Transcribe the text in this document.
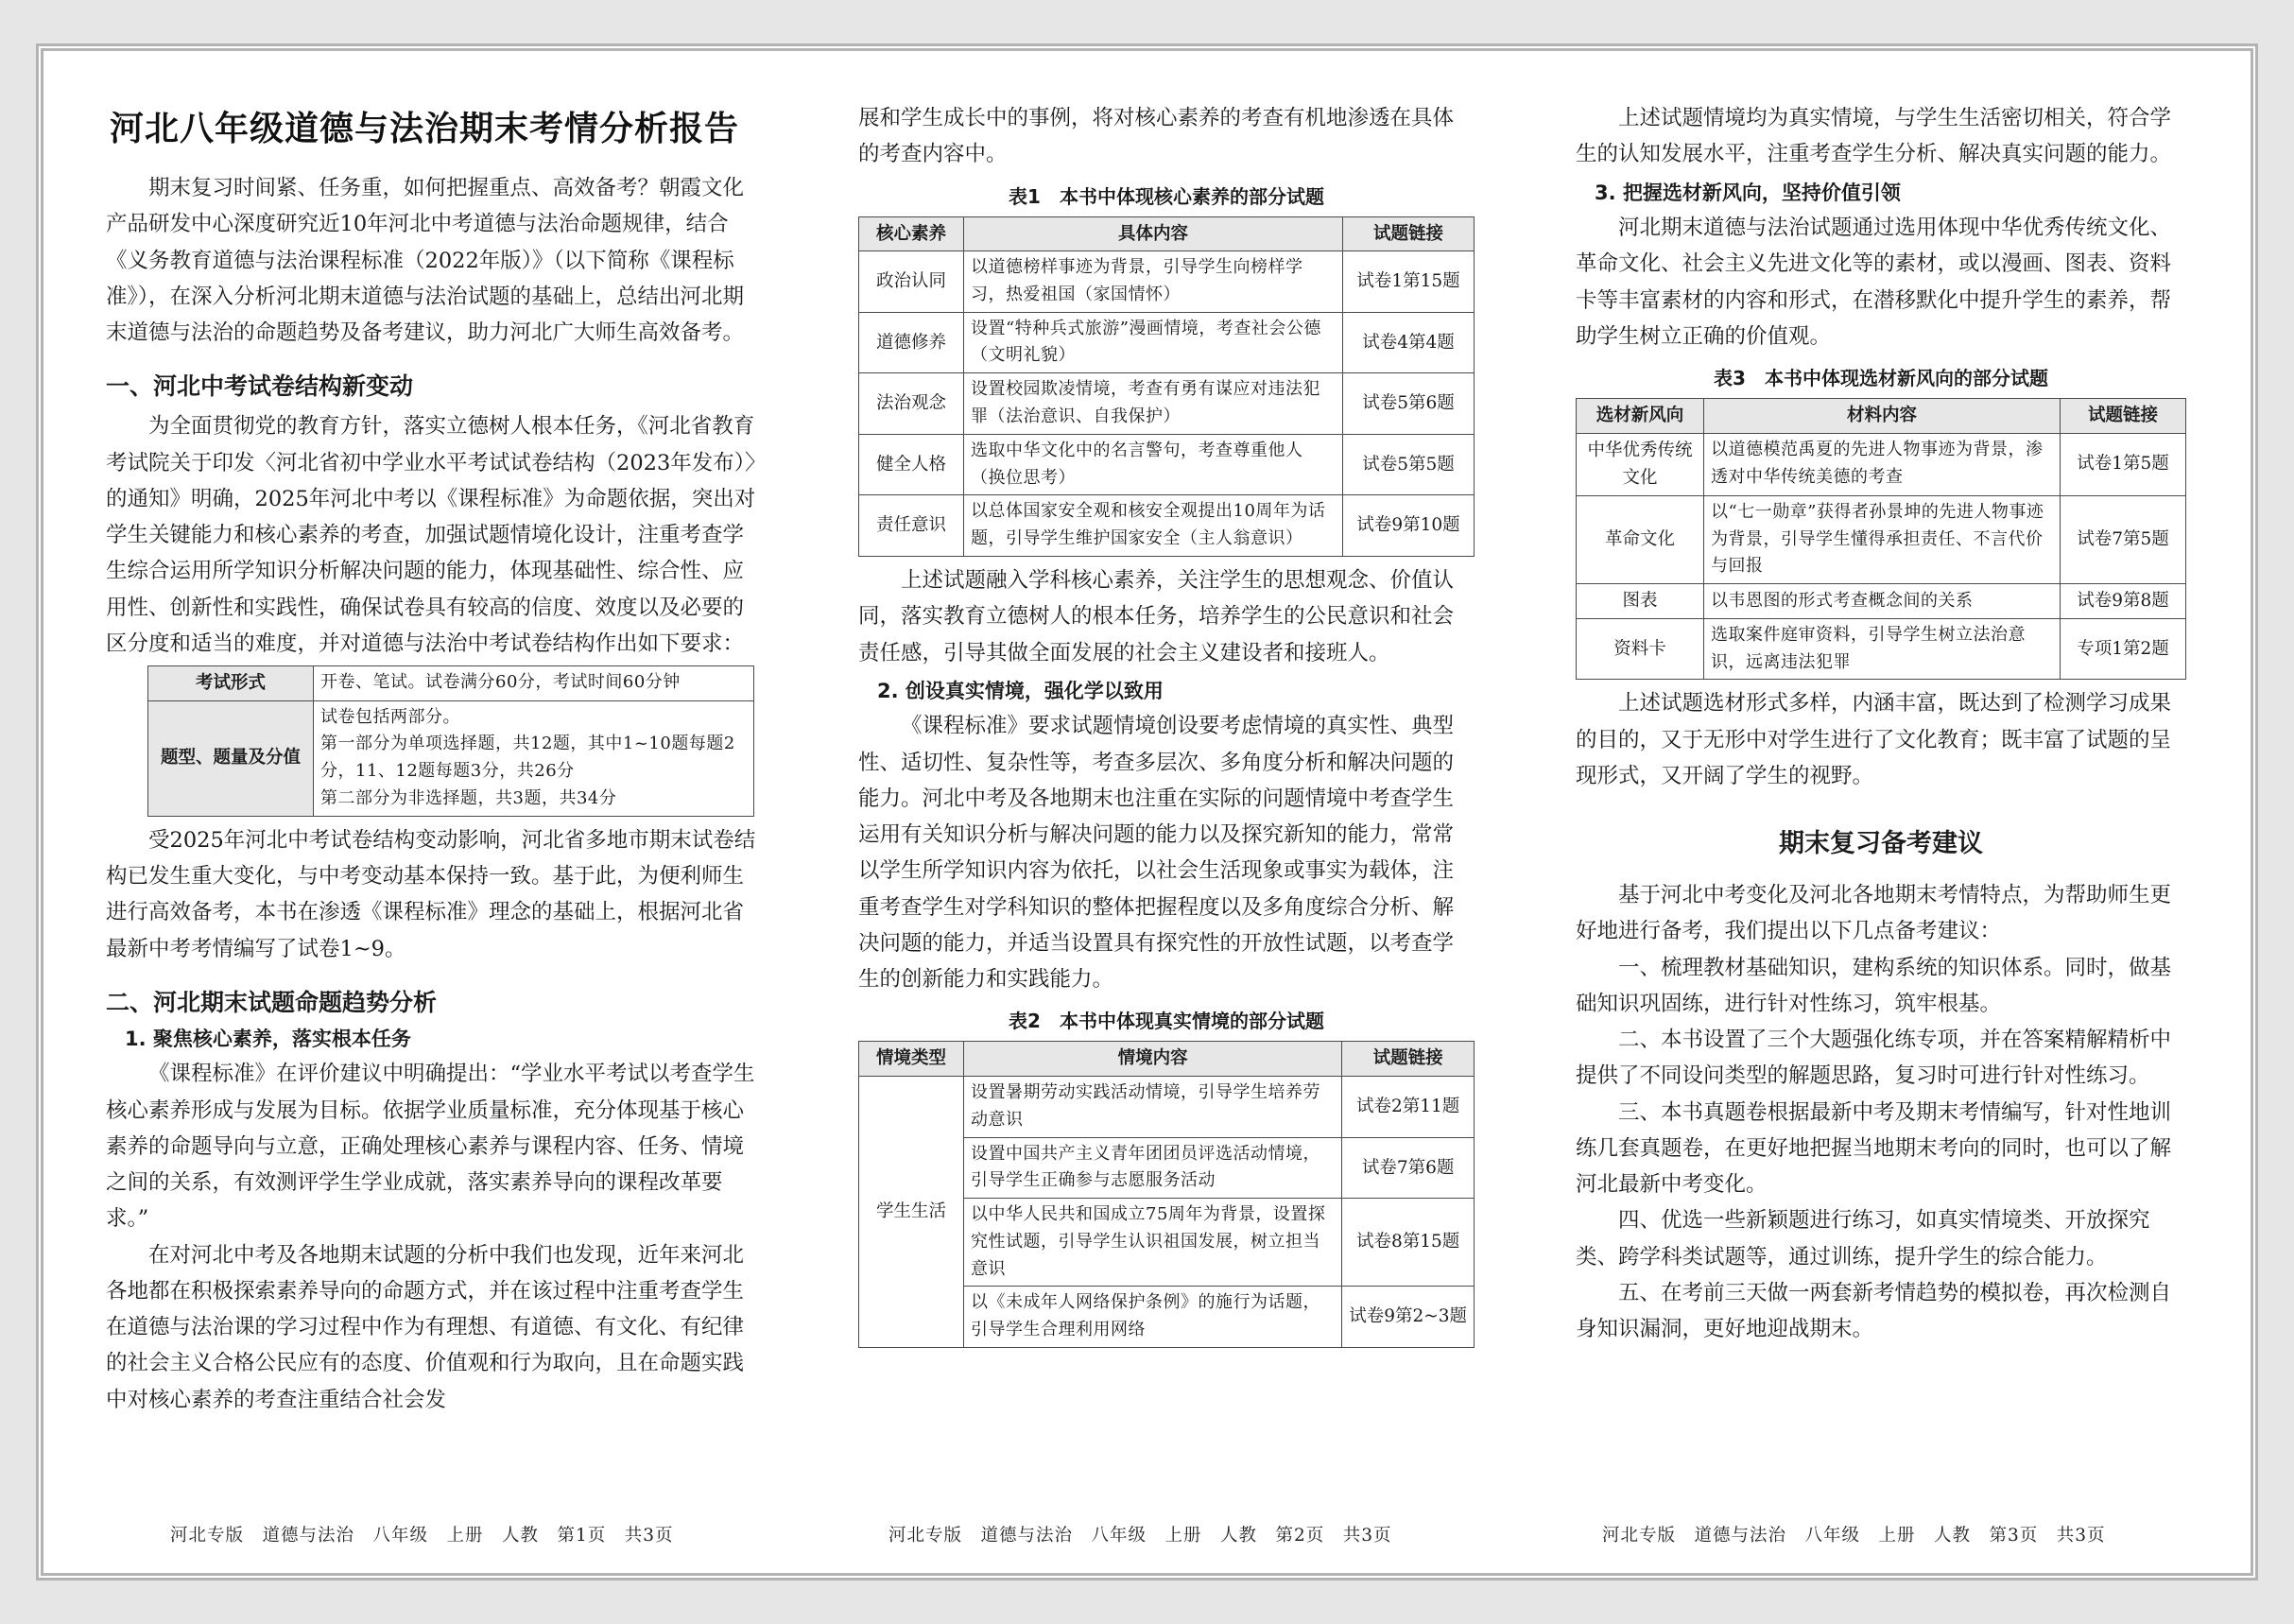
河北八年级道德与法治期末考情分析报告

期末复习时间紧、任务重，如何把握重点、高效备考？朝霞文化产品研发中心深度研究近10年河北中考道德与法治命题规律，结合《义务教育道德与法治课程标准（2022年版）》（以下简称《课程标准》），在深入分析河北期末道德与法治试题的基础上，总结出河北期末道德与法治的命题趋势及备考建议，助力河北广大师生高效备考。

一、河北中考试卷结构新变动

为全面贯彻党的教育方针，落实立德树人根本任务，《河北省教育考试院关于印发〈河北省初中学业水平考试试卷结构（2023年发布）〉的通知》明确，2025年河北中考以《课程标准》为命题依据，突出对学生关键能力和核心素养的考查，加强试题情境化设计，注重考查学生综合运用所学知识分析解决问题的能力，体现基础性、综合性、应用性、创新性和实践性，确保试卷具有较高的信度、效度以及必要的区分度和适当的难度，并对道德与法治中考试卷结构作出如下要求：

考试形式	开卷、笔试。试卷满分60分，考试时间60分钟
题型、题量及分值	试卷包括两部分。
第一部分为单项选择题，共12题，其中1~10题每题2分，11、12题每题3分，共26分
第二部分为非选择题，共3题，共34分

受2025年河北中考试卷结构变动影响，河北省多地市期末试卷结构已发生重大变化，与中考变动基本保持一致。基于此，为便利师生进行高效备考，本书在渗透《课程标准》理念的基础上，根据河北省最新中考考情编写了试卷1~9。

二、河北期末试题命题趋势分析
1. 聚焦核心素养，落实根本任务

《课程标准》在评价建议中明确提出：“学业水平考试以考查学生核心素养形成与发展为目标。依据学业质量标准，充分体现基于核心素养的命题导向与立意，正确处理核心素养与课程内容、任务、情境之间的关系，有效测评学生学业成就，落实素养导向的课程改革要求。”

在对河北中考及各地期末试题的分析中我们也发现，近年来河北各地都在积极探索素养导向的命题方式，并在该过程中注重考查学生在道德与法治课的学习过程中作为有理想、有道德、有文化、有纪律的社会主义合格公民应有的态度、价值观和行为取向，且在命题实践中对核心素养的考查注重结合社会发

展和学生成长中的事例，将对核心素养的考查有机地渗透在具体的考查内容中。

表1　本书中体现核心素养的部分试题
核心素养	具体内容	试题链接
政治认同	以道德榜样事迹为背景，引导学生向榜样学习，热爱祖国（家国情怀）	试卷1第15题
道德修养	设置“特种兵式旅游”漫画情境，考查社会公德（文明礼貌）	试卷4第4题
法治观念	设置校园欺凌情境，考查有勇有谋应对违法犯罪（法治意识、自我保护）	试卷5第6题
健全人格	选取中华文化中的名言警句，考查尊重他人（换位思考）	试卷5第5题
责任意识	以总体国家安全观和核安全观提出10周年为话题，引导学生维护国家安全（主人翁意识）	试卷9第10题

上述试题融入学科核心素养，关注学生的思想观念、价值认同，落实教育立德树人的根本任务，培养学生的公民意识和社会责任感，引导其做全面发展的社会主义建设者和接班人。

2. 创设真实情境，强化学以致用

《课程标准》要求试题情境创设要考虑情境的真实性、典型性、适切性、复杂性等，考查多层次、多角度分析和解决问题的能力。河北中考及各地期末也注重在实际的问题情境中考查学生运用有关知识分析与解决问题的能力以及探究新知的能力，常常以学生所学知识内容为依托，以社会生活现象或事实为载体，注重考查学生对学科知识的整体把握程度以及多角度综合分析、解决问题的能力，并适当设置具有探究性的开放性试题，以考查学生的创新能力和实践能力。

表2　本书中体现真实情境的部分试题
情境类型	情境内容	试题链接
学生生活	设置暑期劳动实践活动情境，引导学生培养劳动意识	试卷2第11题
	设置中国共产主义青年团团员评选活动情境，引导学生正确参与志愿服务活动	试卷7第6题
	以中华人民共和国成立75周年为背景，设置探究性试题，引导学生认识祖国发展，树立担当意识	试卷8第15题
	以《未成年人网络保护条例》的施行为话题，引导学生合理利用网络	试卷9第2~3题

上述试题情境均为真实情境，与学生生活密切相关，符合学生的认知发展水平，注重考查学生分析、解决真实问题的能力。

3. 把握选材新风向，坚持价值引领

河北期末道德与法治试题通过选用体现中华优秀传统文化、革命文化、社会主义先进文化等的素材，或以漫画、图表、资料卡等丰富素材的内容和形式，在潜移默化中提升学生的素养，帮助学生树立正确的价值观。

表3　本书中体现选材新风向的部分试题
选材新风向	材料内容	试题链接
中华优秀传统文化	以道德模范禹夏的先进人物事迹为背景，渗透对中华传统美德的考查	试卷1第5题
革命文化	以“七一勋章”获得者孙景坤的先进人物事迹为背景，引导学生懂得承担责任、不言代价与回报	试卷7第5题
图表	以韦恩图的形式考查概念间的关系	试卷9第8题
资料卡	选取案件庭审资料，引导学生树立法治意识，远离违法犯罪	专项1第2题

上述试题选材形式多样，内涵丰富，既达到了检测学习成果的目的，又于无形中对学生进行了文化教育；既丰富了试题的呈现形式，又开阔了学生的视野。

期末复习备考建议

基于河北中考变化及河北各地期末考情特点，为帮助师生更好地进行备考，我们提出以下几点备考建议：

一、梳理教材基础知识，建构系统的知识体系。同时，做基础知识巩固练，进行针对性练习，筑牢根基。

二、本书设置了三个大题强化练专项，并在答案精解精析中提供了不同设问类型的解题思路，复习时可进行针对性练习。

三、本书真题卷根据最新中考及期末考情编写，针对性地训练几套真题卷，在更好地把握当地期末考向的同时，也可以了解河北最新中考变化。

四、优选一些新颖题进行练习，如真实情境类、开放探究类、跨学科类试题等，通过训练，提升学生的综合能力。

五、在考前三天做一两套新考情趋势的模拟卷，再次检测自身知识漏洞，更好地迎战期末。

河北专版　道德与法治　八年级　上册　人教　第1页　共3页	河北专版　道德与法治　八年级　上册　人教　第2页　共3页	河北专版　道德与法治　八年级　上册　人教　第3页　共3页
